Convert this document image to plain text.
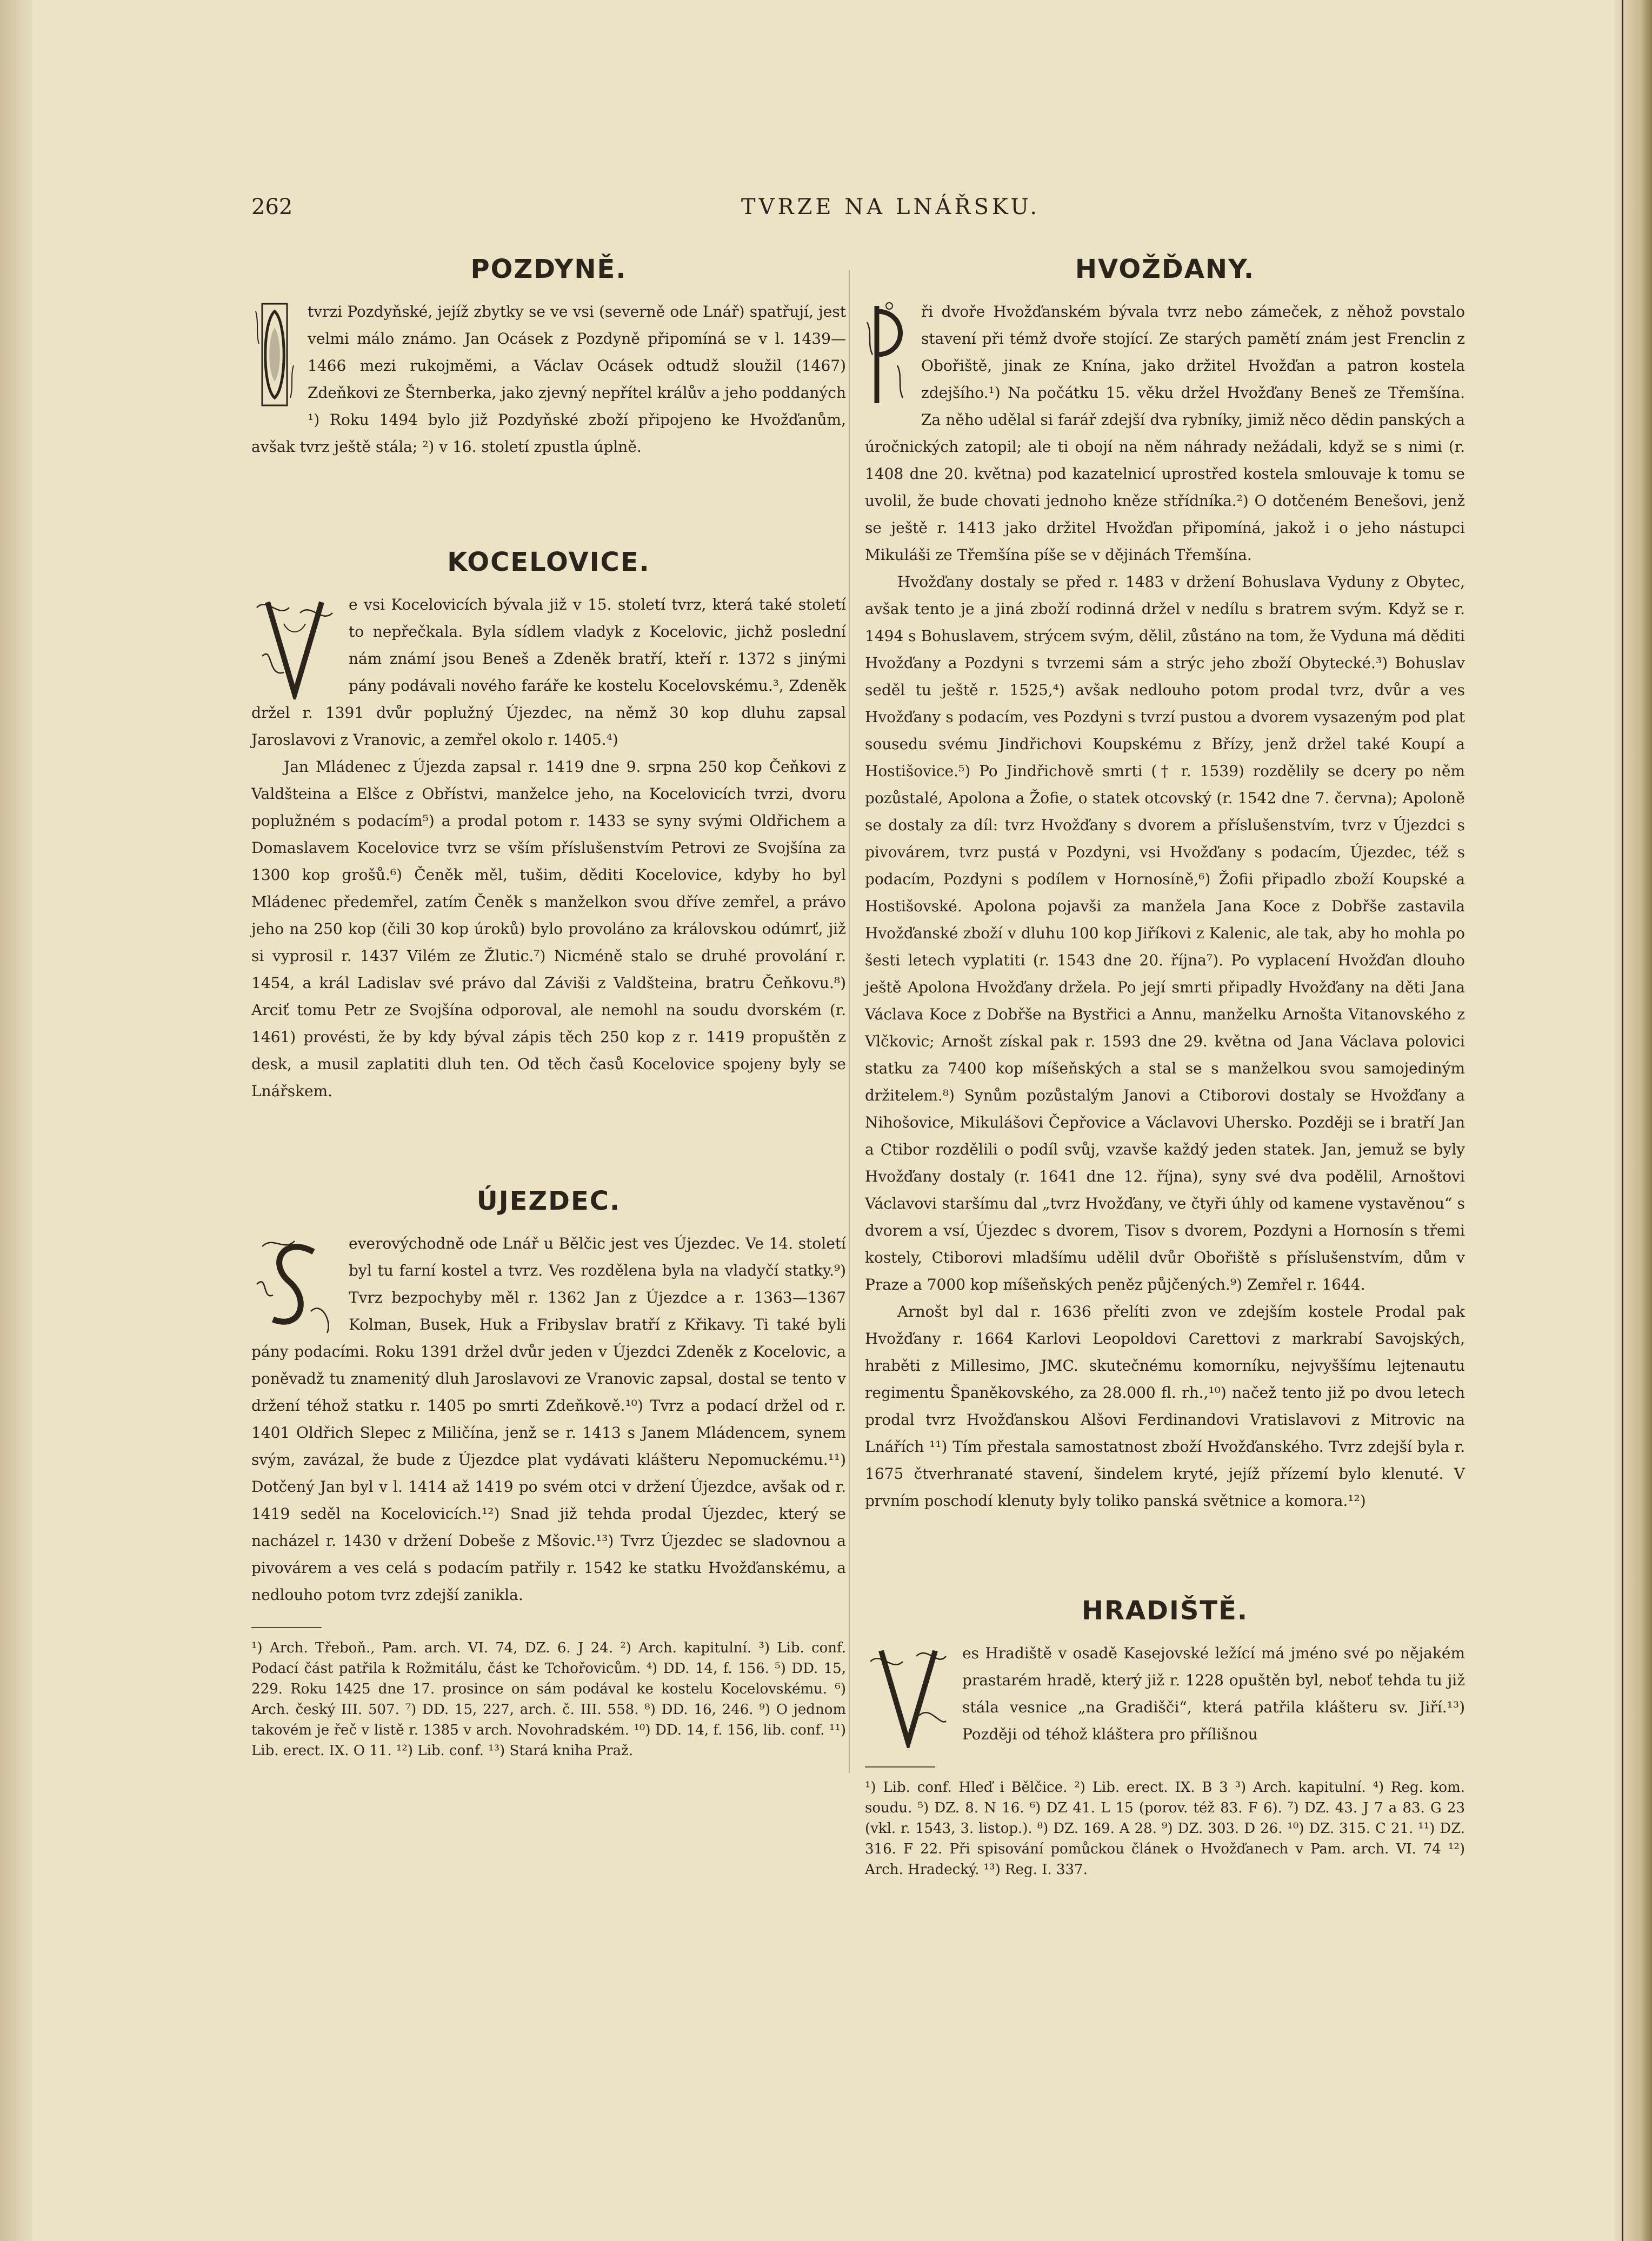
262	TVRZE NA LNÁŘSKU.
POZDYNĚ.

tvrzi Pozdyňské, jejíž zbytky se ve vsi (severně ode Lnář) spatřují, jest velmi málo známo. Jan Ocásek z Pozdyně připomíná se v l. 1439—1466 mezi rukojměmi, a Václav Ocásek odtudž sloužil (1467) Zdeňkovi ze Šternberka, jako zjevný nepřítel králův a jeho poddaných ¹) Roku 1494 bylo již Pozdyňské zboží připojeno ke Hvožďanům, avšak tvrz ještě stála; ²) v 16. století zpustla úplně.

KOCELOVICE.

e vsi Kocelovicích bývala již v 15. století tvrz, která také století to nepřečkala. Byla sídlem vladyk z Kocelovic, jichž poslední nám známí jsou Beneš a Zdeněk bratří, kteří r. 1372 s jinými pány podávali nového faráře ke kostelu Kocelovskému.³, Zdeněk držel r. 1391 dvůr poplužný Újezdec, na němž 30 kop dluhu zapsal Jaroslavovi z Vranovic, a zemřel okolo r. 1405.⁴)

Jan Mládenec z Újezda zapsal r. 1419 dne 9. srpna 250 kop Čeňkovi z Valdšteina a Elšce z Obřístvi, manželce jeho, na Kocelovicích tvrzi, dvoru poplužném s podacím⁵) a prodal potom r. 1433 se syny svými Oldřichem a Domaslavem Kocelovice tvrz se vším příslušenstvím Petrovi ze Svojšína za 1300 kop grošů.⁶) Čeněk měl, tušim, děditi Kocelovice, kdyby ho byl Mládenec předemřel, zatím Čeněk s manželkon svou dříve zemřel, a právo jeho na 250 kop (čili 30 kop úroků) bylo provoláno za královskou odúmrť, již si vyprosil r. 1437 Vilém ze Žlutic.⁷) Nicméně stalo se druhé provolání r. 1454, a král Ladislav své právo dal Záviši z Valdšteina, bratru Čeňkovu.⁸) Arciť tomu Petr ze Svojšína odporoval, ale nemohl na soudu dvorském (r. 1461) provésti, že by kdy býval zápis těch 250 kop z r. 1419 propuštěn z desk, a musil zaplatiti dluh ten. Od těch časů Kocelovice spojeny byly se Lnářskem.

ÚJEZDEC.

everovýchodně ode Lnář u Bělčic jest ves Újezdec. Ve 14. století byl tu farní kostel a tvrz. Ves rozdělena byla na vladyčí statky.⁹) Tvrz bezpochyby měl r. 1362 Jan z Újezdce a r. 1363—1367 Kolman, Busek, Huk a Fribyslav bratří z Křikavy. Ti také byli pány podacími. Roku 1391 držel dvůr jeden v Újezdci Zdeněk z Kocelovic, a poněvadž tu znamenitý dluh Jaroslavovi ze Vranovic zapsal, dostal se tento v držení téhož statku r. 1405 po smrti Zdeňkově.¹⁰) Tvrz a podací držel od r. 1401 Oldřich Slepec z Miličína, jenž se r. 1413 s Janem Mládencem, synem svým, zavázal, že bude z Újezdce plat vydávati klášteru Nepomuckému.¹¹) Dotčený Jan byl v l. 1414 až 1419 po svém otci v držení Újezdce, avšak od r. 1419 seděl na Kocelovicích.¹²) Snad již tehda prodal Újezdec, který se nacházel r. 1430 v držení Dobeše z Mšovic.¹³) Tvrz Újezdec se sladovnou a pivovárem a ves celá s podacím patřily r. 1542 ke statku Hvožďanskému, a nedlouho potom tvrz zdejší zanikla.

¹) Arch. Třeboň., Pam. arch. VI. 74, DZ. 6. J 24. ²) Arch. kapitulní. ³) Lib. conf. Podací část patřila k Rožmitálu, část ke Tchořovicům. ⁴) DD. 14, f. 156. ⁵) DD. 15, 229. Roku 1425 dne 17. prosince on sám podával ke kostelu Kocelovskému. ⁶) Arch. český III. 507. ⁷) DD. 15, 227, arch. č. III. 558. ⁸) DD. 16, 246. ⁹) O jednom takovém je řeč v listě r. 1385 v arch. Novohradském. ¹⁰) DD. 14, f. 156, lib. conf. ¹¹) Lib. erect. IX. O 11. ¹²) Lib. conf. ¹³) Stará kniha Praž.

HVOŽĎANY.

ři dvoře Hvožďanském bývala tvrz nebo zámeček, z něhož povstalo stavení při témž dvoře stojící. Ze starých pamětí znám jest Frenclin z Obořiště, jinak ze Knína, jako držitel Hvožďan a patron kostela zdejšího.¹) Na počátku 15. věku držel Hvožďany Beneš ze Třemšína. Za něho udělal si farář zdejší dva rybníky, jimiž něco dědin panských a úročnických zatopil; ale ti obojí na něm náhrady nežádali, když se s nimi (r. 1408 dne 20. května) pod kazatelnicí uprostřed kostela smlouvaje k tomu se uvolil, že bude chovati jednoho kněze střídníka.²) O dotčeném Benešovi, jenž se ještě r. 1413 jako držitel Hvožďan připomíná, jakož i o jeho nástupci Mikuláši ze Třemšína píše se v dějinách Třemšína.

Hvožďany dostaly se před r. 1483 v držení Bohuslava Vyduny z Obytec, avšak tento je a jiná zboží rodinná držel v nedílu s bratrem svým. Když se r. 1494 s Bohuslavem, strýcem svým, dělil, zůstáno na tom, že Vyduna má děditi Hvožďany a Pozdyni s tvrzemi sám a strýc jeho zboží Obytecké.³) Bohuslav seděl tu ještě r. 1525,⁴) avšak nedlouho potom prodal tvrz, dvůr a ves Hvožďany s podacím, ves Pozdyni s tvrzí pustou a dvorem vysazeným pod plat sousedu svému Jindřichovi Koupskému z Břízy, jenž držel také Koupí a Hostišovice.⁵) Po Jindřichově smrti († r. 1539) rozdělily se dcery po něm pozůstalé, Apolona a Žofie, o statek otcovský (r. 1542 dne 7. června); Apoloně se dostaly za díl: tvrz Hvožďany s dvorem a příslušenstvím, tvrz v Újezdci s pivovárem, tvrz pustá v Pozdyni, vsi Hvožďany s podacím, Újezdec, též s podacím, Pozdyni s podílem v Hornosíně,⁶) Žofii připadlo zboží Koupské a Hostišovské. Apolona pojavši za manžela Jana Koce z Dobřše zastavila Hvožďanské zboží v dluhu 100 kop Jiříkovi z Kalenic, ale tak, aby ho mohla po šesti letech vyplatiti (r. 1543 dne 20. října⁷). Po vyplacení Hvožďan dlouho ještě Apolona Hvožďany držela. Po její smrti připadly Hvožďany na děti Jana Václava Koce z Dobřše na Bystřici a Annu, manželku Arnošta Vitanovského z Vlčkovic; Arnošt získal pak r. 1593 dne 29. května od Jana Václava polovici statku za 7400 kop míšeňských a stal se s manželkou svou samojediným držitelem.⁸) Synům pozůstalým Janovi a Ctiborovi dostaly se Hvožďany a Nihošovice, Mikulášovi Čepřovice a Václavovi Uhersko. Později se i bratří Jan a Ctibor rozdělili o podíl svůj, vzavše každý jeden statek. Jan, jemuž se byly Hvožďany dostaly (r. 1641 dne 12. října), syny své dva podělil, Arnoštovi Václavovi staršímu dal „tvrz Hvožďany, ve čtyři úhly od kamene vystavěnou“ s dvorem a vsí, Újezdec s dvorem, Tisov s dvorem, Pozdyni a Hornosín s třemi kostely, Ctiborovi mladšímu udělil dvůr Obořiště s příslušenstvím, dům v Praze a 7000 kop míšeňských peněz půjčených.⁹) Zemřel r. 1644.

Arnošt byl dal r. 1636 přelíti zvon ve zdejším kostele Prodal pak Hvožďany r. 1664 Karlovi Leopoldovi Carettovi z markrabí Savojských, hraběti z Millesimo, JMC. skutečnému komorníku, nejvyššímu lejtenautu regimentu Španěkovského, za 28.000 fl. rh.,¹⁰) načež tento již po dvou letech prodal tvrz Hvožďanskou Alšovi Ferdinandovi Vratislavovi z Mitrovic na Lnářích ¹¹) Tím přestala samostatnost zboží Hvožďanského. Tvrz zdejší byla r. 1675 čtverhranaté stavení, šindelem kryté, jejíž přízemí bylo klenuté. V prvním poschodí klenuty byly toliko panská světnice a komora.¹²)

HRADIŠTĚ.

es Hradiště v osadě Kasejovské ležící má jméno své po nějakém prastarém hradě, který již r. 1228 opuštěn byl, neboť tehda tu již stála vesnice „na Gradišči“, která patřila klášteru sv. Jiří.¹³) Později od téhož kláštera pro přílišnou

¹) Lib. conf. Hleď i Bělčice. ²) Lib. erect. IX. B 3 ³) Arch. kapitulní. ⁴) Reg. kom. soudu. ⁵) DZ. 8. N 16. ⁶) DZ 41. L 15 (porov. též 83. F 6). ⁷) DZ. 43. J 7 a 83. G 23 (vkl. r. 1543, 3. listop.). ⁸) DZ. 169. A 28. ⁹) DZ. 303. D 26. ¹⁰) DZ. 315. C 21. ¹¹) DZ. 316. F 22. Při spisování pomůckou článek o Hvožďanech v Pam. arch. VI. 74 ¹²) Arch. Hradecký. ¹³) Reg. I. 337.
